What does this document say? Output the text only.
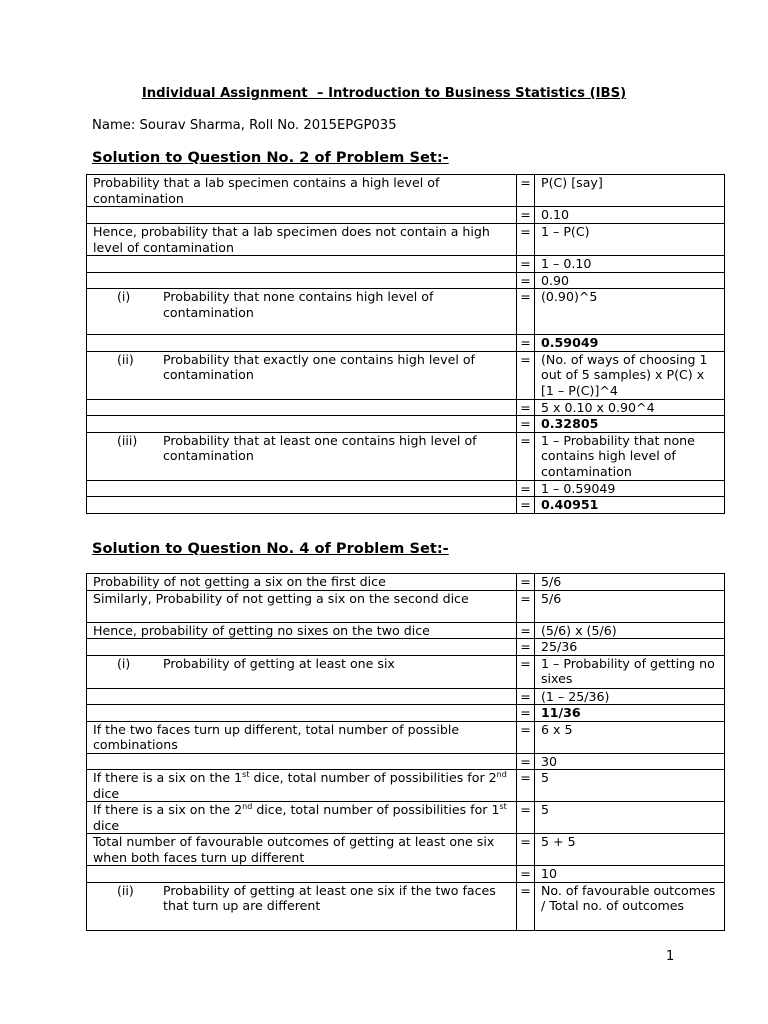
Individual Assignment  – Introduction to Business Statistics (IBS)
Name: Sourav Sharma, Roll No. 2015EPGP035
Solution to Question No. 2 of Problem Set:-
Probability that a lab specimen contains a high level of contamination	=	P(C) [say]
	=	0.10
Hence, probability that a lab specimen does not contain a high level of contamination	=	1 – P(C)
	=	1 – 0.10
	=	0.90

(i) Probability that none contains high level of contamination	=	(0.90)^5
	=	0.59049

(ii) Probability that exactly one contains high level of contamination	=	(No. of ways of choosing 1 out of 5 samples) x P(C) x [1 – P(C)]^4
	=	5 x 0.10 x 0.90^4
	=	0.32805

(iii) Probability that at least one contains high level of contamination	=	1 – Probability that none contains high level of contamination
	=	1 – 0.59049
	=	0.40951
Solution to Question No. 4 of Problem Set:-
Probability of not getting a six on the first dice	=	5/6
Similarly, Probability of not getting a six on the second dice	=	5/6
Hence, probability of getting no sixes on the two dice	=	(5/6) x (5/6)
	=	25/36

(i) Probability of getting at least one six	=	1 – Probability of getting no sixes
	=	(1 – 25/36)
	=	11/36
If the two faces turn up different, total number of possible combinations	=	6 x 5
	=	30
If there is a six on the 1st dice, total number of possibilities for 2nd dice	=	5
If there is a six on the 2nd dice, total number of possibilities for 1st dice	=	5
Total number of favourable outcomes of getting at least one six when both faces turn up different	=	5 + 5
	=	10

(ii) Probability of getting at least one six if the two faces that turn up are different	=	No. of favourable outcomes / Total no. of outcomes
1
